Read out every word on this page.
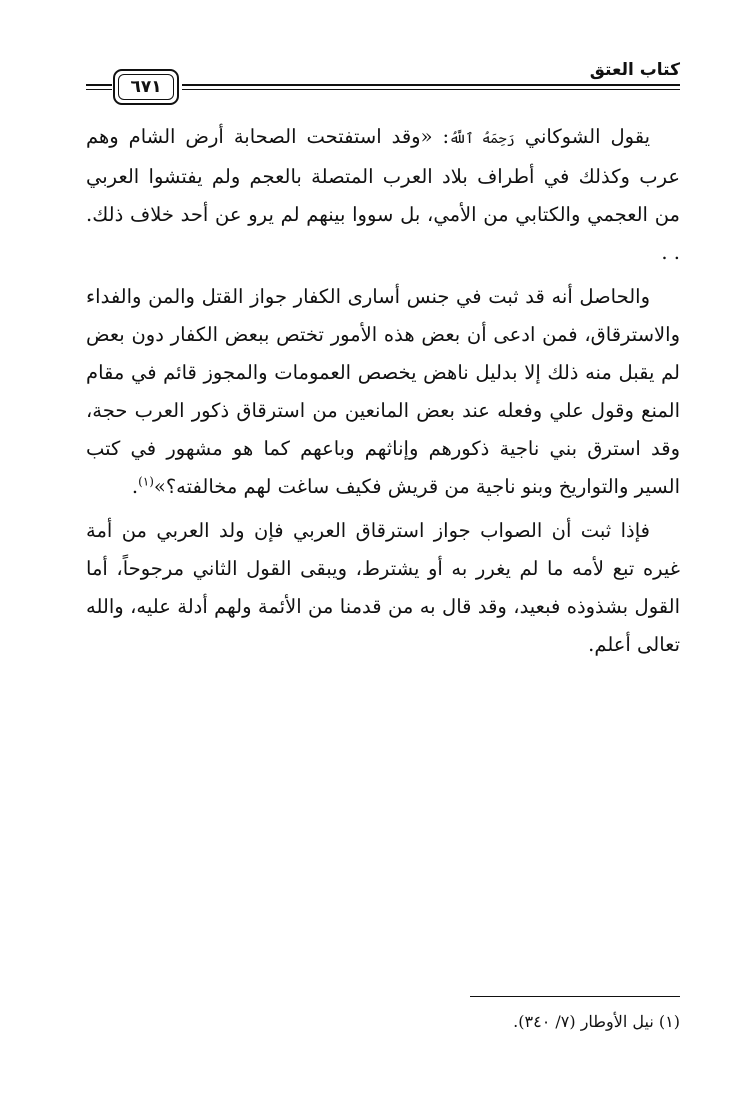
كتاب العتق
٦٧١

يقول الشوكاني رَحِمَهُ ٱللَّهُ: «وقد استفتحت الصحابة أرض الشام وهم عرب وكذلك في أطراف بلاد العرب المتصلة بالعجم ولم يفتشوا العربي من العجمي والكتابي من الأمي، بل سووا بينهم لم يرو عن أحد خلاف ذلك. . .

والحاصل أنه قد ثبت في جنس أسارى الكفار جواز القتل والمن والفداء والاسترقاق، فمن ادعى أن بعض هذه الأمور تختص ببعض الكفار دون بعض لم يقبل منه ذلك إلا بدليل ناهض يخصص العمومات والمجوز قائم في مقام المنع وقول علي وفعله عند بعض المانعين من استرقاق ذكور العرب حجة، وقد استرق بني ناجية ذكورهم وإناثهم وباعهم كما هو مشهور في كتب السير والتواريخ وبنو ناجية من قريش فكيف ساغت لهم مخالفته؟»$^{(١)}$.

فإذا ثبت أن الصواب جواز استرقاق العربي فإن ولد العربي من أمة غيره تبع لأمه ما لم يغرر به أو يشترط، ويبقى القول الثاني مرجوحاً، أما القول بشذوذه فبعيد، وقد قال به من قدمنا من الأئمة ولهم أدلة عليه، والله تعالى أعلم.

(١) نيل الأوطار (٧/ ٣٤٠).
